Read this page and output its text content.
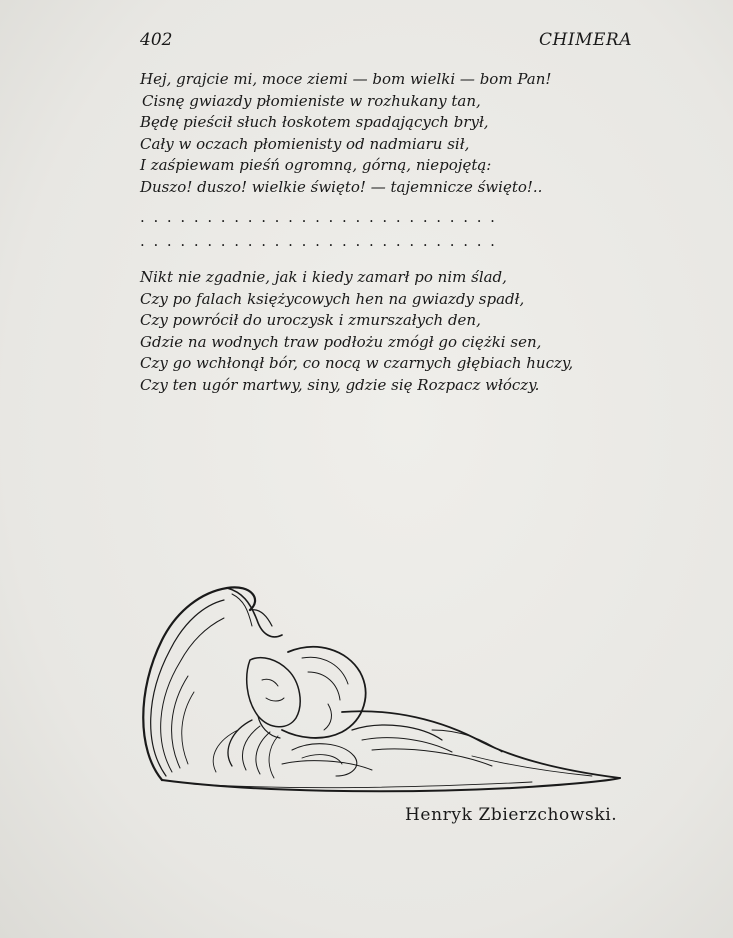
402	CHIMERA
Hej, grajcie mi, moce ziemi — bom wielki — bom Pan!
Cisnę gwiazdy płomieniste w rozhukany tan,
Będę pieścił słuch łoskotem spadających brył,
Cały w oczach płomienisty od nadmiaru sił,
I zaśpiewam pieśń ogromną, górną, niepojętą:
Duszo! duszo! wielkie święto! — tajemnicze święto!..
...........................
...........................
Nikt nie zgadnie, jak i kiedy zamarł po nim ślad,
Czy po falach księżycowych hen na gwiazdy spadł,
Czy powrócił do uroczysk i zmurszałych den,
Gdzie na wodnych traw podłożu zmógł go ciężki sen,
Czy go wchłonął bór, co nocą w czarnych głębiach huczy,
Czy ten ugór martwy, siny, gdzie się Rozpacz włóczy.
Henryk Zbierzchowski.
